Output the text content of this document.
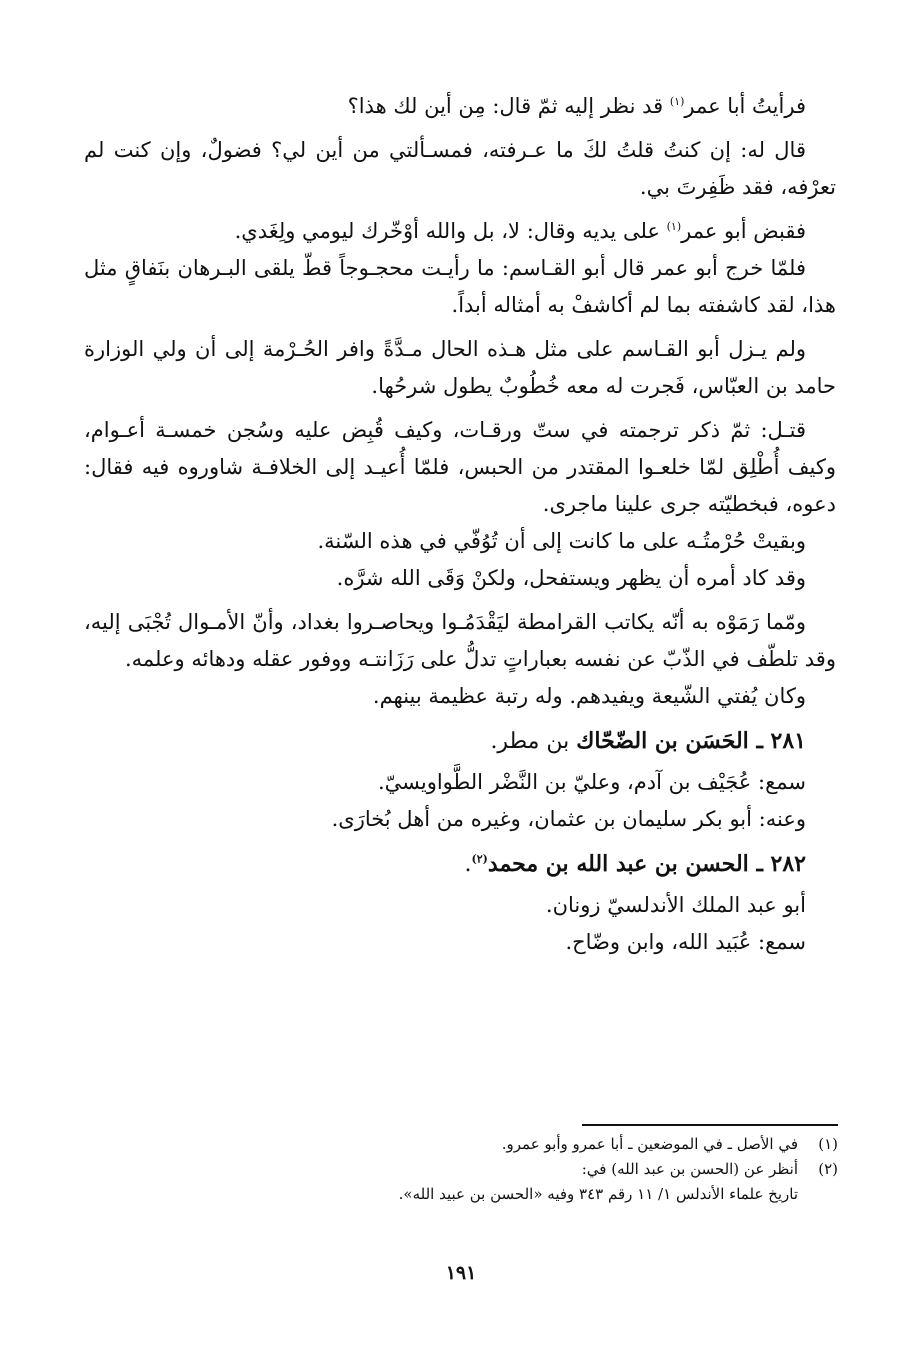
فرأيتُ أبا عمر$^{(١)}$ قد نظر إليه ثمّ قال: مِن أين لك هذا؟

قال له: إن كنتُ قلتُ لكَ ما عـرفته، فمسـألتي من أين لي؟ فضولٌ، وإن كنت لم تعرْفه، فقد ظَفِرتَ بي.

فقبض أبو عمر$^{(١)}$ على يديه وقال: لا، بل والله أوْخّرك ليومي ولِغَدي.

فلمّا خرج أبو عمر قال أبو القـاسم: ما رأيـت محجـوجاً قطّ يلقى البـرهان بنَفاقٍ مثل هذا، لقد كاشفته بما لم أكاشفْ به أمثاله أبداً.

ولم يـزل أبو القـاسم على مثل هـذه الحال مـدَّةً وافر الحُـرْمة إلى أن ولي الوزارة حامد بن العبّاس، فَجرت له معه خُطُوبٌ يطول شرحُها.

قتـل: ثمّ ذكر ترجمته في ستّ ورقـات، وكيف قُبِض عليه وسُجن خمسـة أعـوام، وكيف أُطْلِق لمّا خلعـوا المقتدر من الحبس، فلمّا أُعيـد إلى الخلافـة شاوروه فيه فقال: دعوه، فبخطيّته جرى علينا ماجرى.

وبقيتْ حُرْمتُـه على ما كانت إلى أن تُوُفّي في هذه السّنة.

وقد كاد أمره أن يظهر ويستفحل، ولكنْ وَقَى الله شرَّه.

ومّما رَمَوْه به أنّه يكاتب القرامطة ليَقْدَمُـوا ويحاصـروا بغداد، وأنّ الأمـوال تُجْبَى إليه، وقد تلطّف في الذّبّ عن نفسه بعباراتٍ تدلُّ على رَزَانتـه ووفور عقله ودهائه وعلمه.

وكان يُفتي الشّيعة ويفيدهم. وله رتبة عظيمة بينهم.

٢٨١ ـ الحَسَن بن الضّحّاك بن مطر.

سمع: عُجَيْف بن آدم، وعليّ بن النَّضْر الطَّواويسيّ.

وعنه: أبو بكر سليمان بن عثمان، وغيره من أهل بُخارَى.

٢٨٢ ـ الحسن بن عبد الله بن محمد$^{(٢)}$.

أبو عبد الملك الأندلسيّ زونان.

سمع: عُبَيد الله، وابن وضّاح.

(١)
في الأصل ـ في الموضعين ـ أبا عمرو وأبو عمرو.
(٢)
أنظر عن (الحسن بن عبد الله) في:
تاريخ علماء الأندلس ١/ ١١ رقم ٣٤٣ وفيه «الحسن بن عبيد الله».
١٩١
